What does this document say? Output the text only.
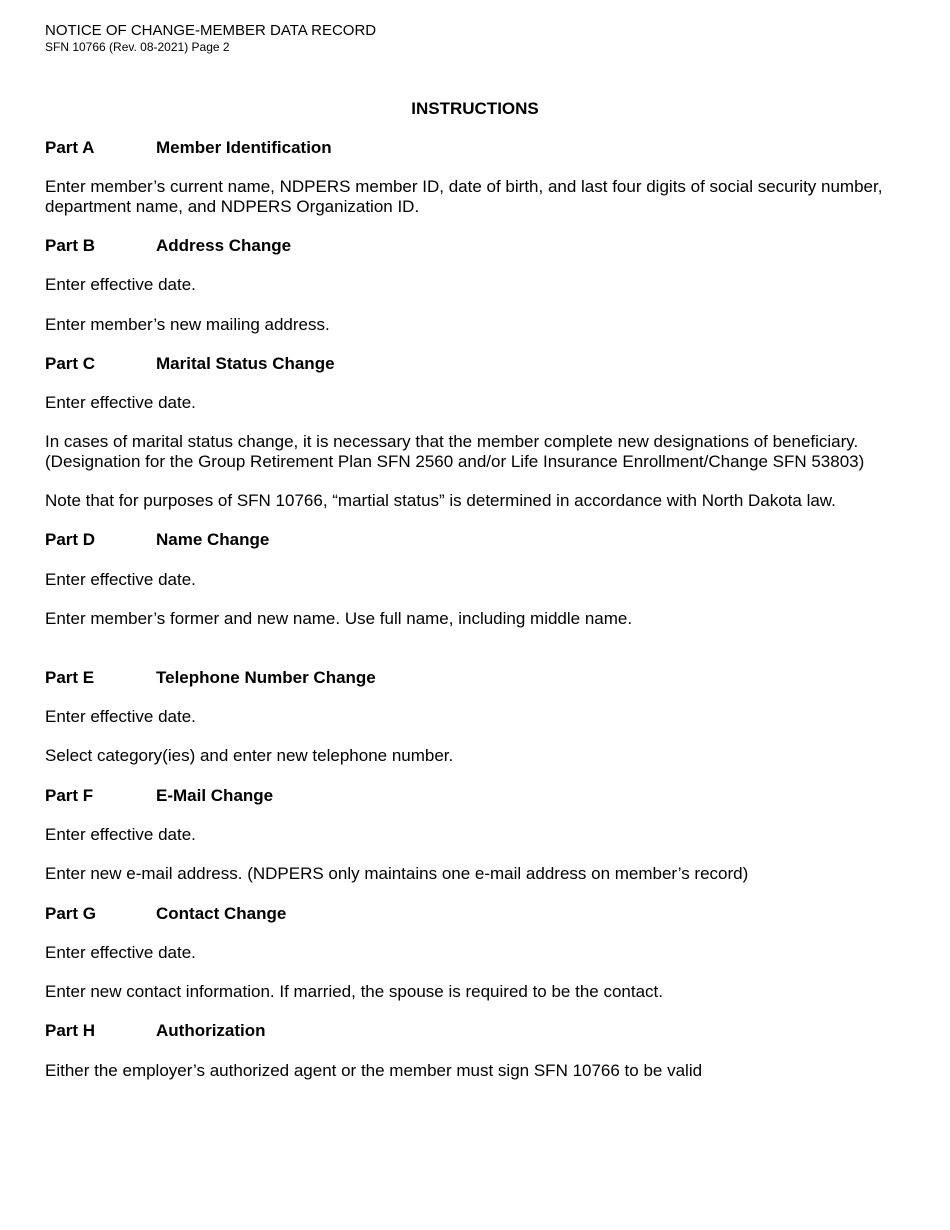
NOTICE OF CHANGE-MEMBER DATA RECORD
SFN 10766 (Rev. 08-2021) Page 2
INSTRUCTIONS
Part A	Member Identification
Enter member’s current name, NDPERS member ID, date of birth, and last four digits of social security number,
department name, and NDPERS Organization ID.
Part B	Address Change
Enter effective date.
Enter member’s new mailing address.
Part C	Marital Status Change
Enter effective date.
In cases of marital status change, it is necessary that the member complete new designations of beneficiary.
(Designation for the Group Retirement Plan SFN 2560 and/or Life Insurance Enrollment/Change SFN 53803)
Note that for purposes of SFN 10766, “martial status” is determined in accordance with North Dakota law.
Part D	Name Change
Enter effective date.
Enter member’s former and new name. Use full name, including middle name.
Part E	Telephone Number Change
Enter effective date.
Select category(ies) and enter new telephone number.
Part F	E-Mail Change
Enter effective date.
Enter new e-mail address. (NDPERS only maintains one e-mail address on member’s record)
Part G	Contact Change
Enter effective date.
Enter new contact information. If married, the spouse is required to be the contact.
Part H	Authorization
Either the employer’s authorized agent or the member must sign SFN 10766 to be valid
